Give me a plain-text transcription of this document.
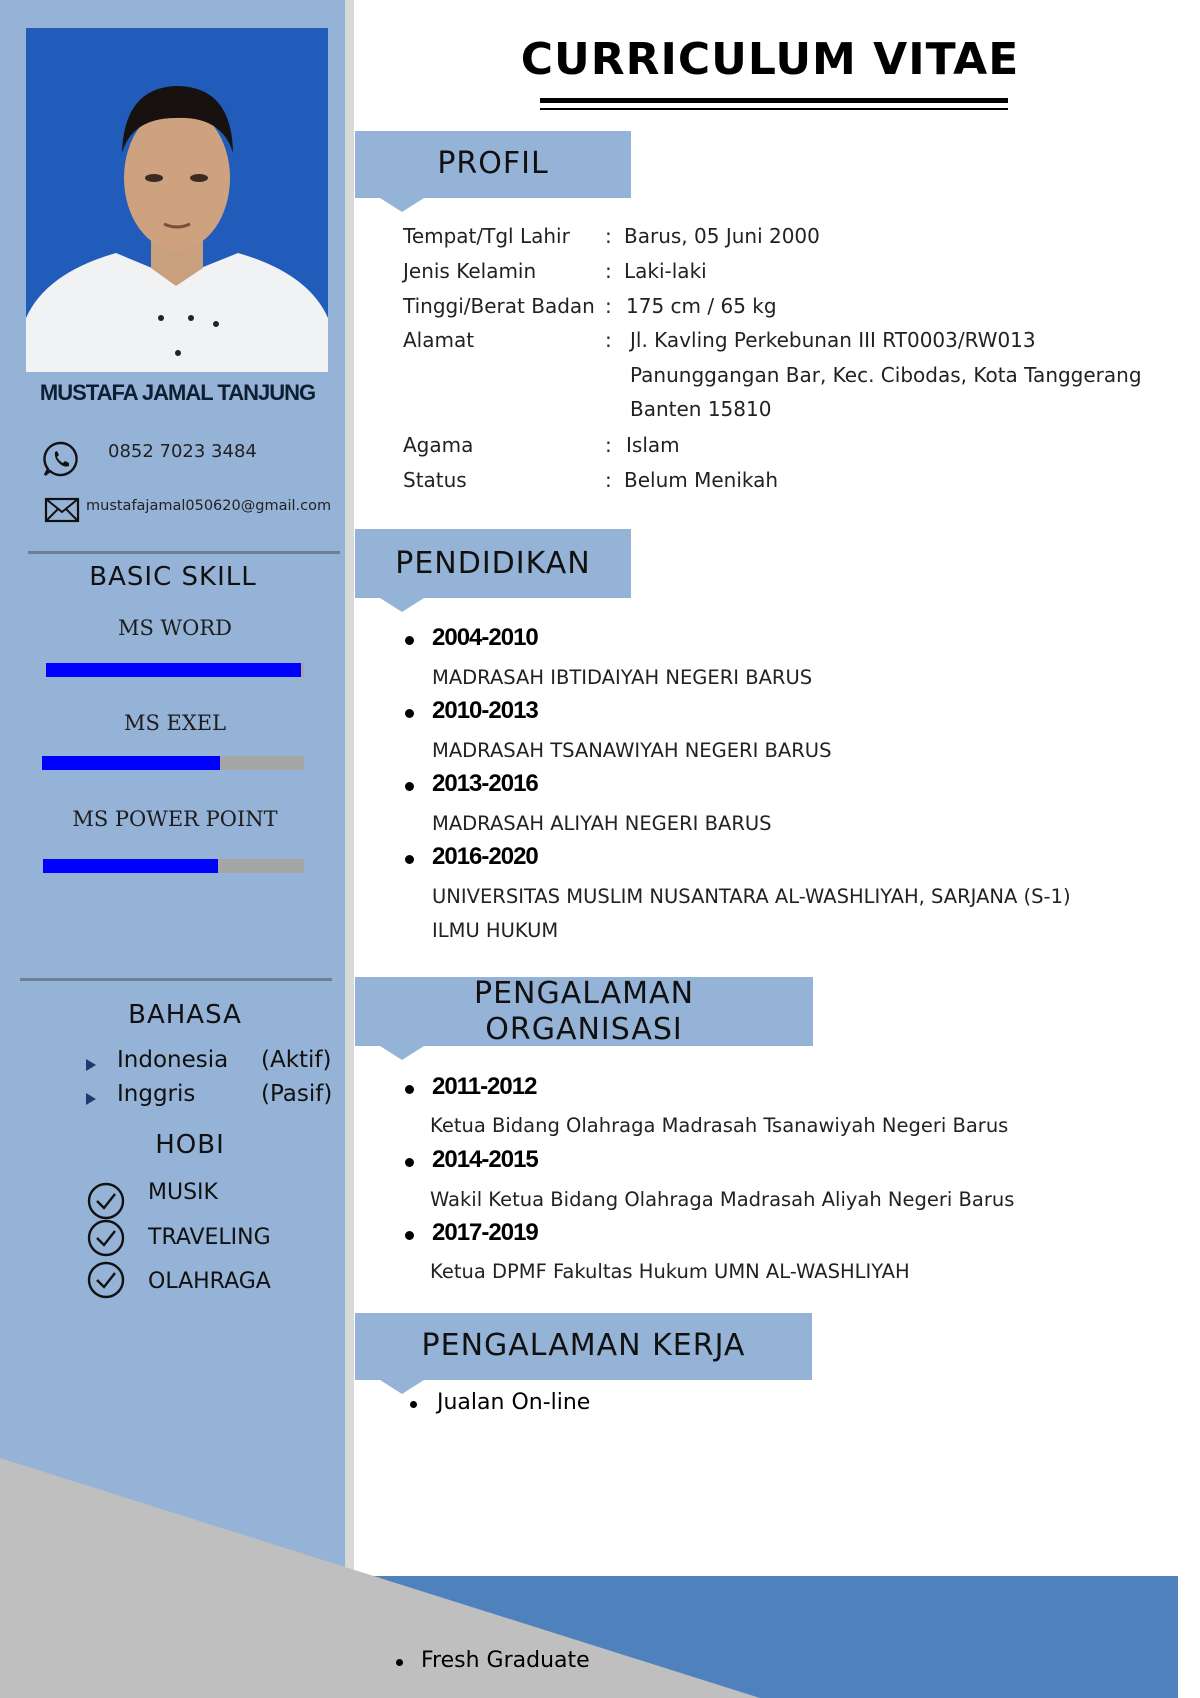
MUSTAFA JAMAL TANJUNG
0852 7023 3484
mustafajamal050620@gmail.com
BASIC SKILL
MS WORD
MS EXEL
MS POWER POINT
BAHASA
Indonesia (Aktif)
Inggris	(Pasif)
HOBI
MUSIK
TRAVELING
OLAHRAGA
CURRICULUM VITAE
PROFIL
Tempat/Tgl Lahir : Barus, 05 Juni 2000
Jenis Kelamin	: Laki-laki
Tinggi/Berat Badan : 175 cm / 65 kg
Alamat	: Jl. Kavling Perkebunan III RT0003/RW013
Panunggangan Bar, Kec. Cibodas, Kota Tanggerang
Banten 15810
Agama	: Islam
Status	: Belum Menikah
PENDIDIKAN
2004-2010
MADRASAH IBTIDAIYAH NEGERI BARUS
2010-2013
MADRASAH TSANAWIYAH NEGERI BARUS
2013-2016
MADRASAH ALIYAH NEGERI BARUS
2016-2020
UNIVERSITAS MUSLIM NUSANTARA AL-WASHLIYAH, SARJANA (S-1)
ILMU HUKUM
PENGALAMAN
ORGANISASI
2011-2012
Ketua Bidang Olahraga Madrasah Tsanawiyah Negeri Barus
2014-2015
Wakil Ketua Bidang Olahraga Madrasah Aliyah Negeri Barus
2017-2019
Ketua DPMF Fakultas Hukum UMN AL-WASHLIYAH
PENGALAMAN KERJA
Jualan On-line
Fresh Graduate
